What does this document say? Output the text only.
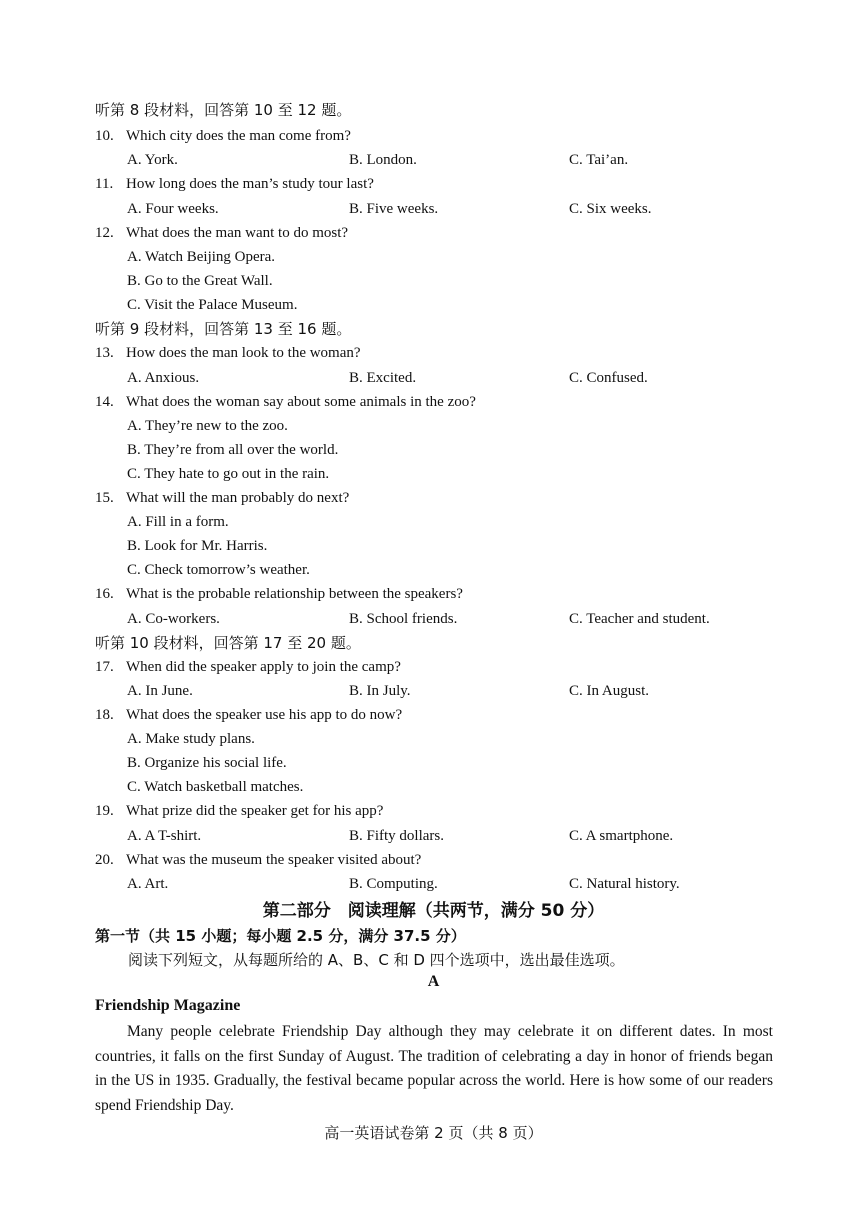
听第 8 段材料，回答第 10 至 12 题。
10. Which city does the man come from?
A. York.	B. London.	C. Tai’an.
11. How long does the man’s study tour last?
A. Four weeks.	B. Five weeks.	C. Six weeks.
12. What does the man want to do most?
A. Watch Beijing Opera.
B. Go to the Great Wall.
C. Visit the Palace Museum.
听第 9 段材料，回答第 13 至 16 题。
13. How does the man look to the woman?
A. Anxious.	B. Excited.	C. Confused.
14. What does the woman say about some animals in the zoo?
A. They’re new to the zoo.
B. They’re from all over the world.
C. They hate to go out in the rain.
15. What will the man probably do next?
A. Fill in a form.
B. Look for Mr. Harris.
C. Check tomorrow’s weather.
16. What is the probable relationship between the speakers?
A. Co-workers.	B. School friends.	C. Teacher and student.
听第 10 段材料，回答第 17 至 20 题。
17. When did the speaker apply to join the camp?
A. In June.	B. In July.	C. In August.
18. What does the speaker use his app to do now?
A. Make study plans.
B. Organize his social life.
C. Watch basketball matches.
19. What prize did the speaker get for his app?
A. A T-shirt.	B. Fifty dollars.	C. A smartphone.
20. What was the museum the speaker visited about?
A. Art.	B. Computing.	C. Natural history.
第二部分　阅读理解（共两节，满分 50 分）
第一节（共 15 小题；每小题 2.5 分，满分 37.5 分）
阅读下列短文，从每题所给的 A、B、C 和 D 四个选项中，选出最佳选项。
A
Friendship Magazine
Many people celebrate Friendship Day although they may celebrate it on different dates. In most countries, it falls on the first Sunday of August. The tradition of celebrating a day in honor of friends began in the US in 1935. Gradually, the festival became popular across the world. Here is how some of our readers spend Friendship Day.
高一英语试卷第 2 页（共 8 页）
